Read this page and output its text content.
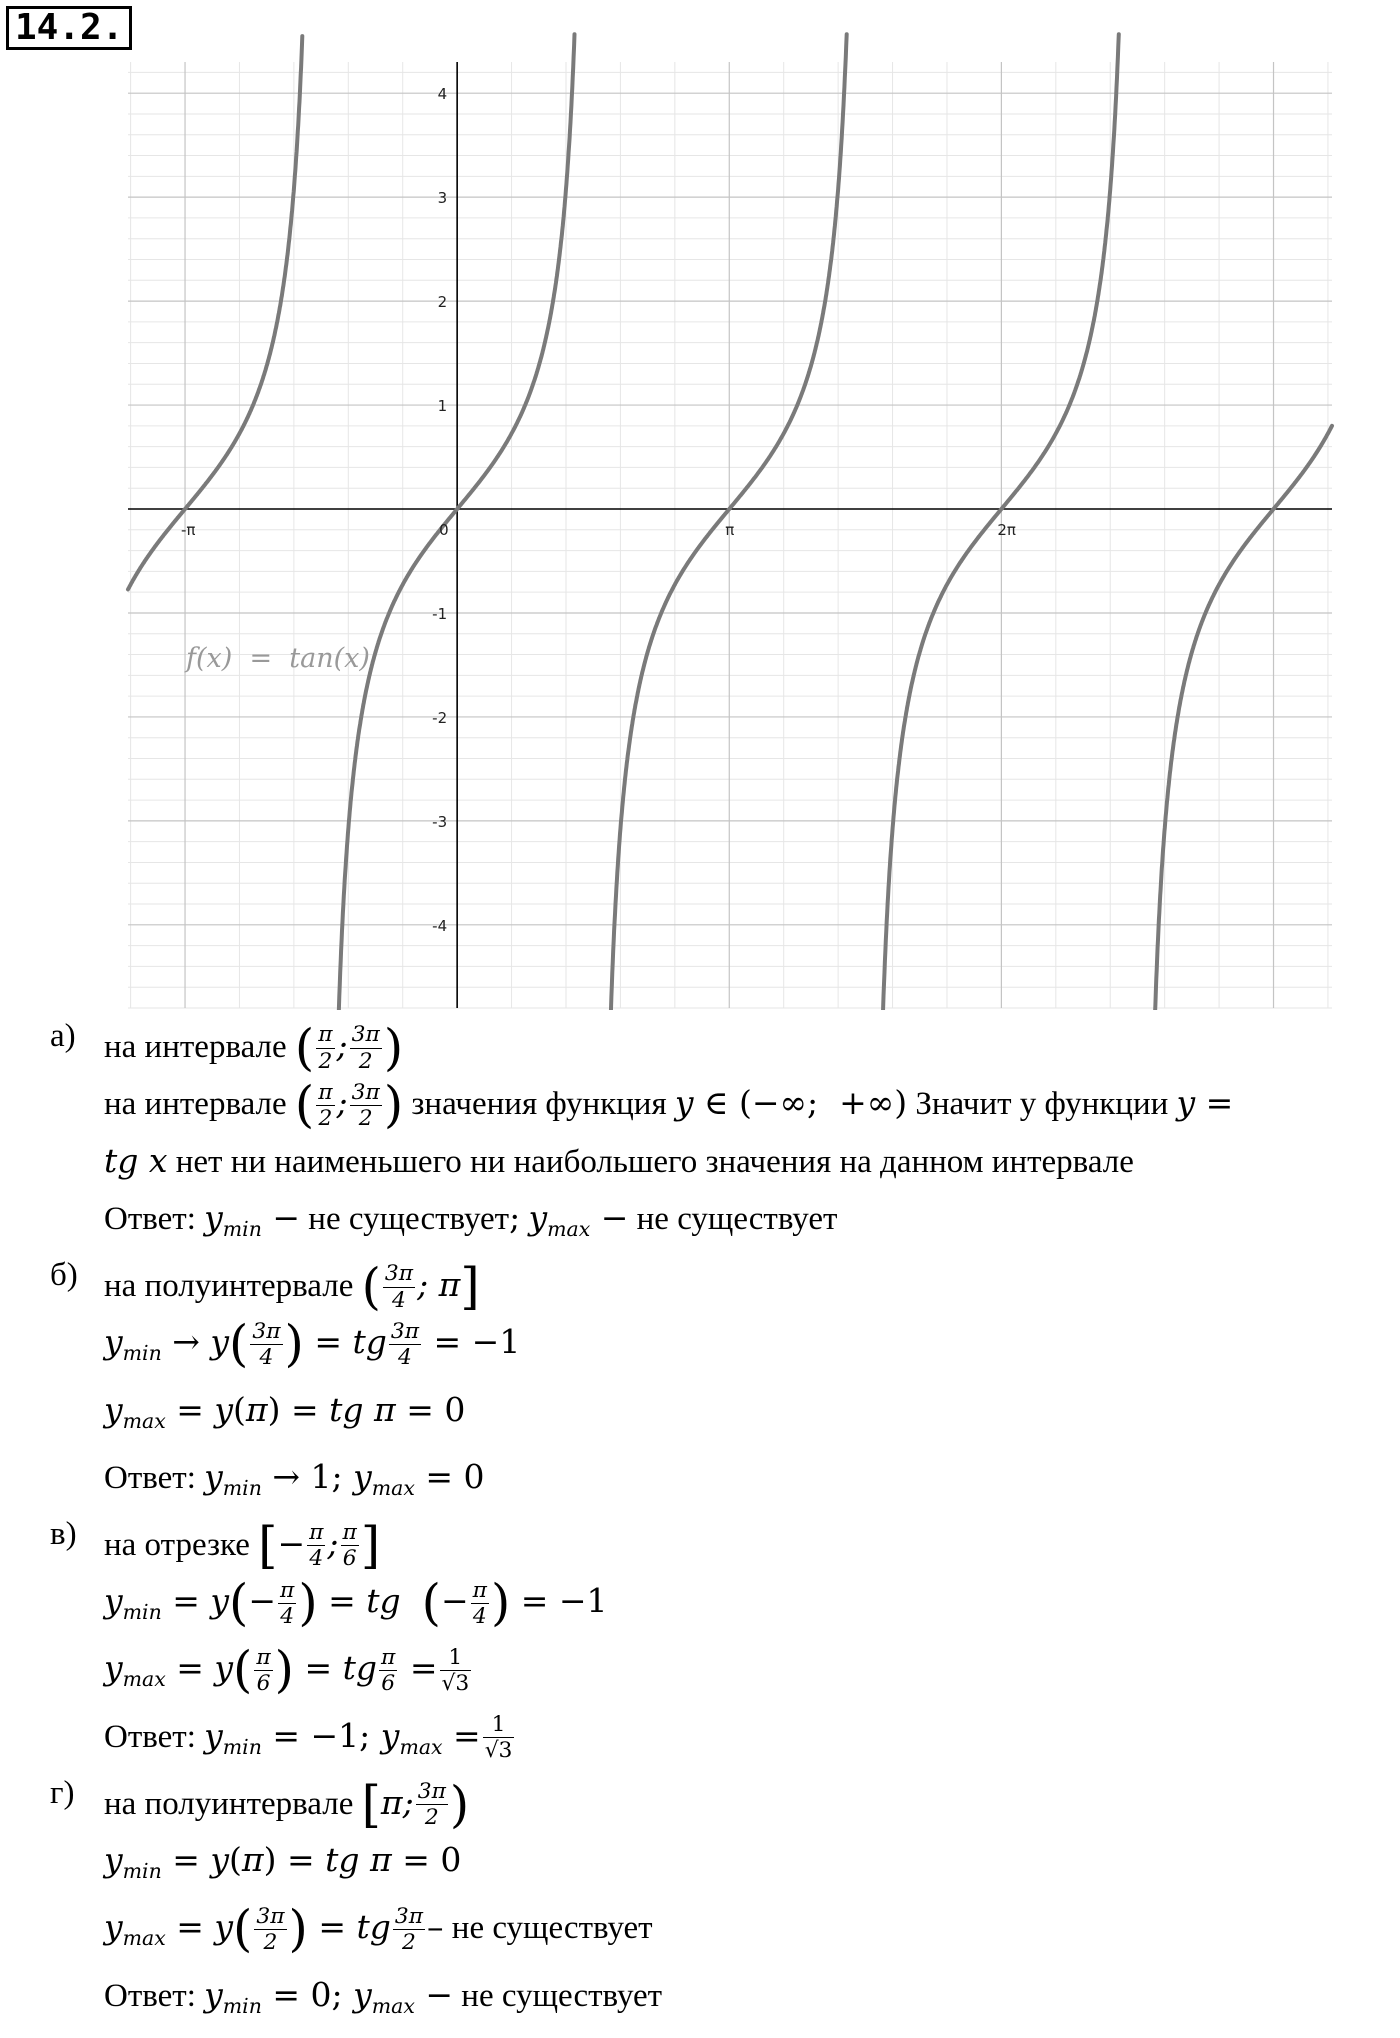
14.2.
-π	0	π	2π
4
3
2
1
-1
-2
-3
-4
f(x)  =  tan(x)
а) на интервале ( $\frac{\pi}{2}$ ; $\frac{3\pi}{2}$ )
на интервале ( $\frac{\pi}{2}$ ; $\frac{3\pi}{2}$ ) значения функция y ∈ (−∞;  +∞) Значит у функции y =
tg x нет ни наименьшего ни наибольшего значения на данном интервале
Ответ: $y_{min}$ − не существует; $y_{max}$ − не существует
б) на полуинтервале ( $\frac{3\pi}{4}$ ; π]
$y_{min} \to y( \frac{3\pi}{4}$ ) = tg $\frac{3\pi}{4} = -1$
$y_{max} = y(\pi)$ = tg π = 0
Ответ: $y_{min} \to 1$; $y_{max} = 0$
в) на отрезке [− $\frac{\pi}{4}$ ; $\frac{\pi}{6}$ ]
$y_{min} = y(- \frac{\pi}{4}$ ) = tg  (− $\frac{\pi}{4}$ ) = −1
$y_{max} = y( \frac{\pi}{6}$ ) = tg $\frac{\pi}{6} = \frac{1}{√3}$
Ответ: $y_{min} = -1$; $y_{max} = \frac{1}{√3}$
г) на полуинтервале [π; $\frac{3\pi}{2}$ )
$y_{min} = y(\pi)$ = tg π = 0
$y_{max} = y( \frac{3\pi}{2}$ ) = tg $\frac{3\pi}{2}$ – не существует
Ответ: $y_{min} = 0$; $y_{max}$ − не существует
